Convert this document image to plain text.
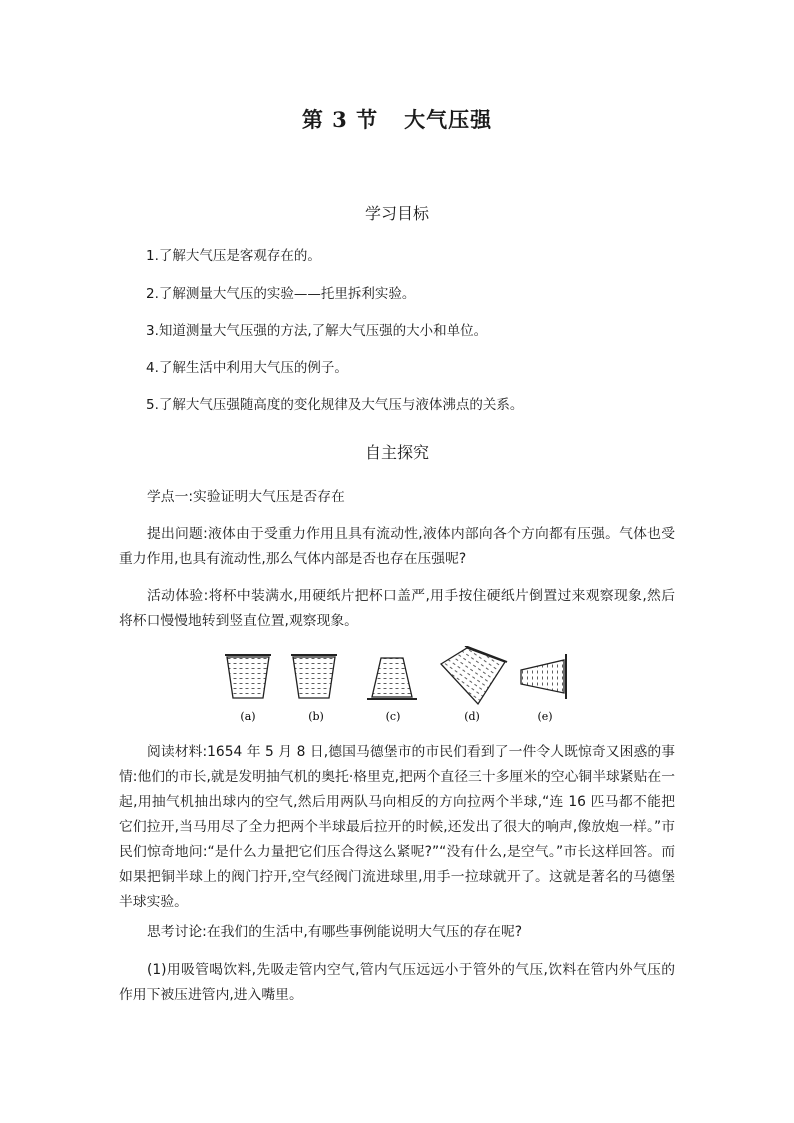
第 3 节 大气压强
学习目标
1.了解大气压是客观存在的。
2.了解测量大气压的实验——托里拆利实验。
3.知道测量大气压强的方法,了解大气压强的大小和单位。
4.了解生活中利用大气压的例子。
5.了解大气压强随高度的变化规律及大气压与液体沸点的关系。
自主探究

学点一:实验证明大气压是否存在

提出问题:液体由于受重力作用且具有流动性,液体内部向各个方向都有压强。气体也受重力作用,也具有流动性,那么气体内部是否也存在压强呢?

活动体验:将杯中装满水,用硬纸片把杯口盖严,用手按住硬纸片倒置过来观察现象,然后将杯口慢慢地转到竖直位置,观察现象。

(a)	(b)	(c)	(d)	(e)

阅读材料:1654 年 5 月 8 日,德国马德堡市的市民们看到了一件令人既惊奇又困惑的事情:他们的市长,就是发明抽气机的奥托·格里克,把两个直径三十多厘米的空心铜半球紧贴在一起,用抽气机抽出球内的空气,然后用两队马向相反的方向拉两个半球,“连 16 匹马都不能把它们拉开,当马用尽了全力把两个半球最后拉开的时候,还发出了很大的响声,像放炮一样。”市民们惊奇地问:“是什么力量把它们压合得这么紧呢?”“没有什么,是空气。”市长这样回答。而如果把铜半球上的阀门拧开,空气经阀门流进球里,用手一拉球就开了。这就是著名的马德堡半球实验。

思考讨论:在我们的生活中,有哪些事例能说明大气压的存在呢?

(1)用吸管喝饮料,先吸走管内空气,管内气压远远小于管外的气压,饮料在管内外气压的作用下被压进管内,进入嘴里。
